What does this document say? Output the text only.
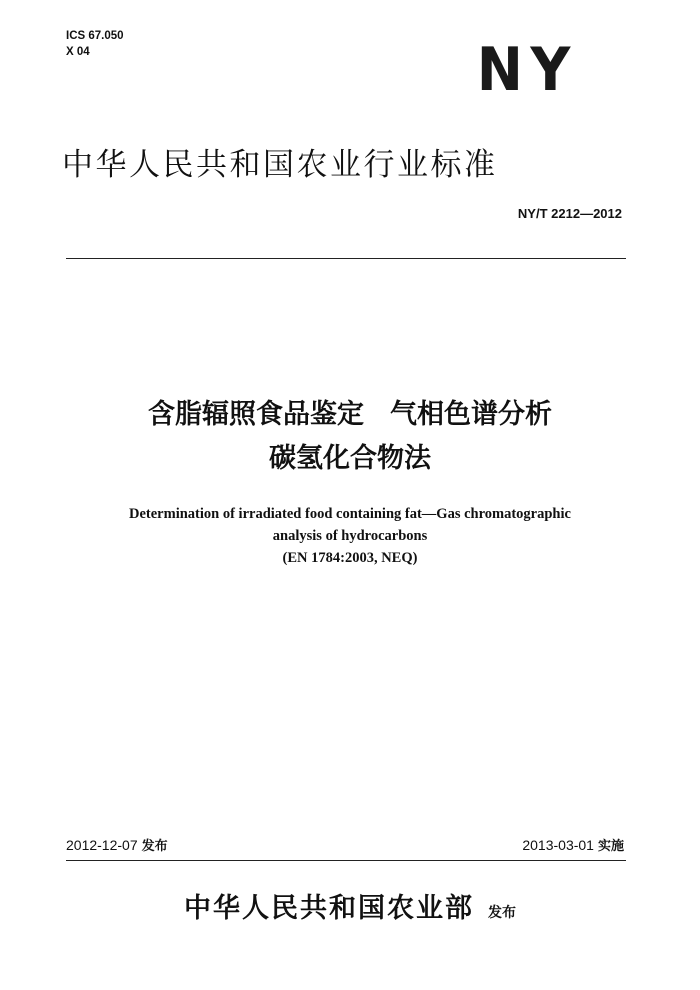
ICS 67.050
X 04	NY
中华人民共和国农业行业标准
NY/T 2212—2012
含脂辐照食品鉴定 气相色谱分析
碳氢化合物法
Determination of irradiated food containing fat—Gas chromatographic
analysis of hydrocarbons
(EN 1784:2003, NEQ)
2012-12-07 发布	2013-03-01 实施
中华人民共和国农业部 发布
